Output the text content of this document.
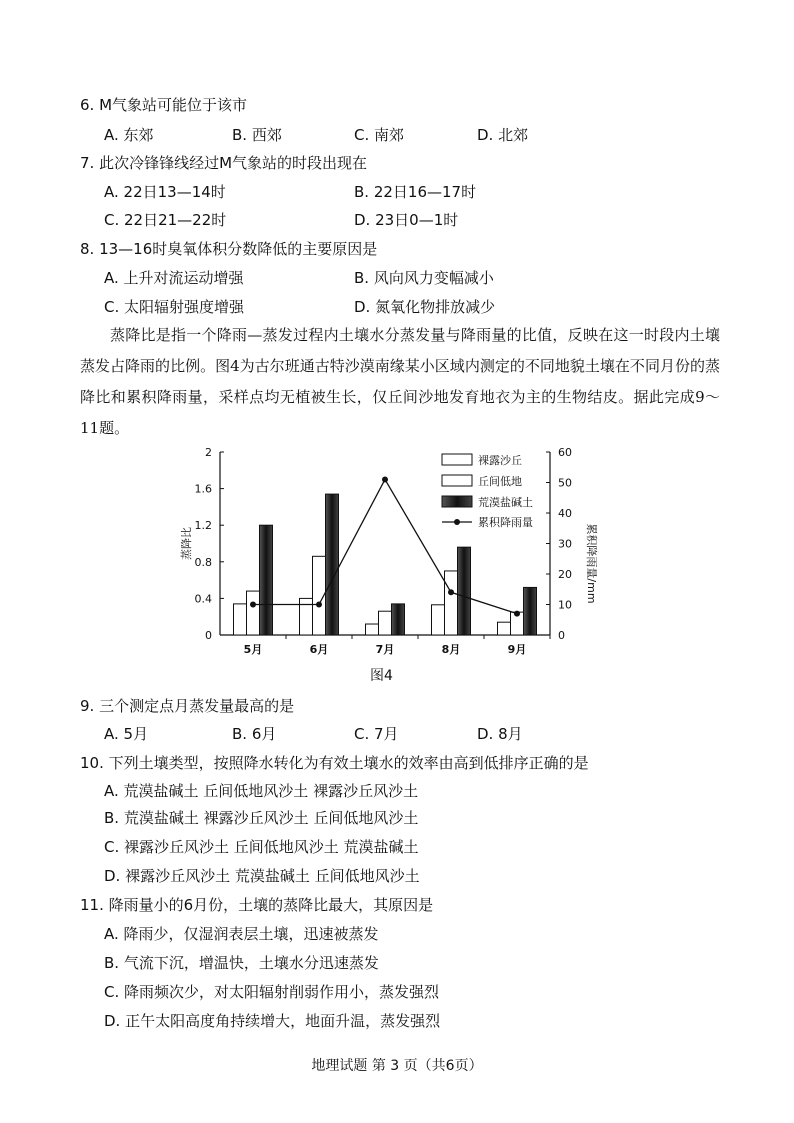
6. M气象站可能位于该市
A. 东郊	B. 西郊	C. 南郊	D. 北郊
7. 此次冷锋锋线经过M气象站的时段出现在
A. 22日13—14时	B. 22日16—17时
C. 22日21—22时	D. 23日0—1时
8. 13—16时臭氧体积分数降低的主要原因是
A. 上升对流运动增强	B. 风向风力变幅减小
C. 太阳辐射强度增强	D. 氮氧化物排放减少
蒸降比是指一个降雨—蒸发过程内土壤水分蒸发量与降雨量的比值，反映在这一时段内土壤蒸发占降雨的比例。图4为古尔班通古特沙漠南缘某小区域内测定的不同地貌土壤在不同月份的蒸降比和累积降雨量，采样点均无植被生长，仅丘间沙地发育地衣为主的生物结皮。据此完成9～11题。
0
0.4
0.8
1.2
1.6
2
0
10
20
30
40
50
60
蒸降比	累积降雨量/mm
5月	6月	7月	8月	9月
裸露沙丘
丘间低地
荒漠盐碱土
累积降雨量
图4
9. 三个测定点月蒸发量最高的是
A. 5月	B. 6月	C. 7月	D. 8月
10. 下列土壤类型，按照降水转化为有效土壤水的效率由高到低排序正确的是
A. 荒漠盐碱土 丘间低地风沙土 裸露沙丘风沙土
B. 荒漠盐碱土 裸露沙丘风沙土 丘间低地风沙土
C. 裸露沙丘风沙土 丘间低地风沙土 荒漠盐碱土
D. 裸露沙丘风沙土 荒漠盐碱土 丘间低地风沙土
11. 降雨量小的6月份，土壤的蒸降比最大，其原因是
A. 降雨少，仅湿润表层土壤，迅速被蒸发
B. 气流下沉，增温快，土壤水分迅速蒸发
C. 降雨频次少，对太阳辐射削弱作用小，蒸发强烈
D. 正午太阳高度角持续增大，地面升温，蒸发强烈
地理试题 第 3 页（共6页）
